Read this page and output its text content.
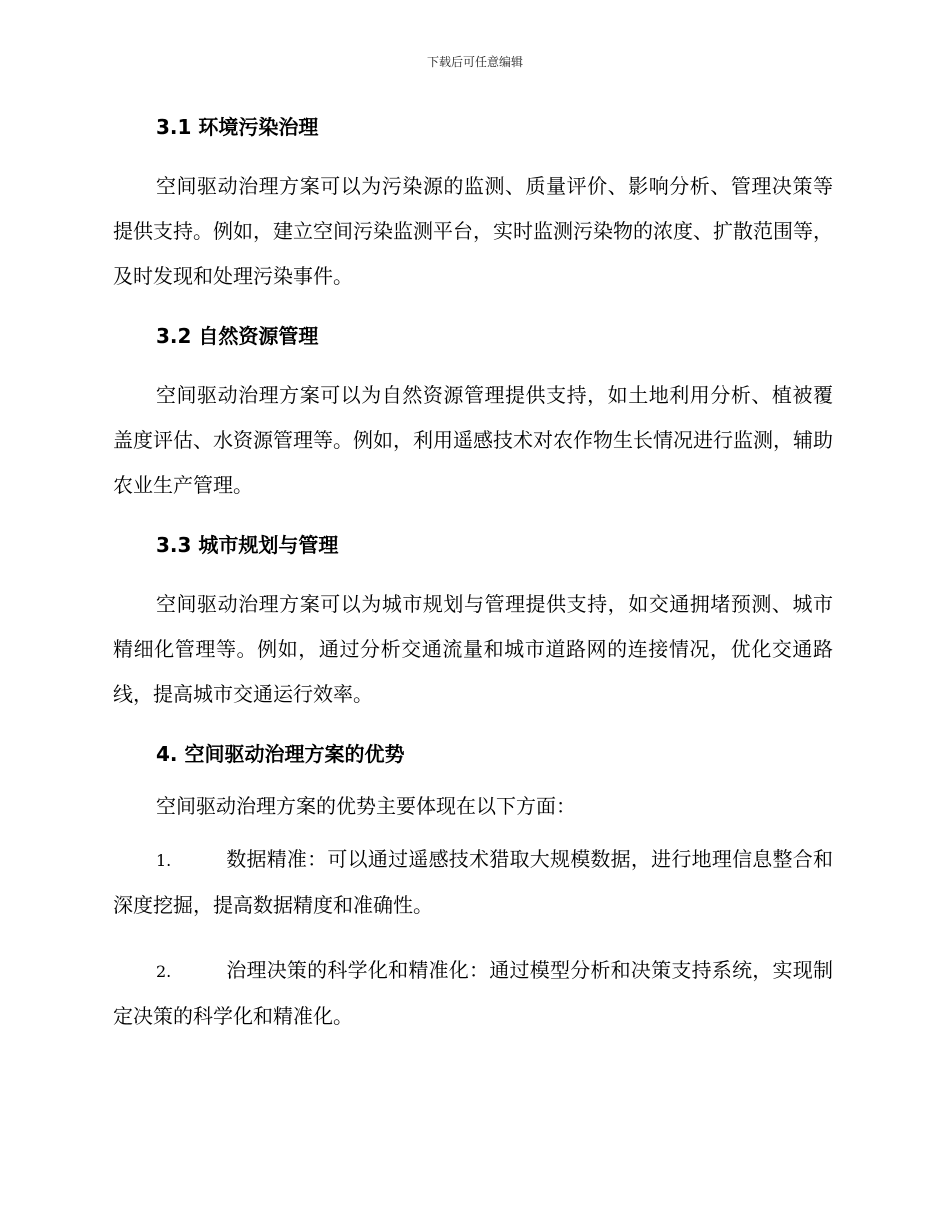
下载后可任意编辑
3.1 环境污染治理

空间驱动治理方案可以为污染源的监测、质量评价、影响分析、管理决策等提供支持。例如，建立空间污染监测平台，实时监测污染物的浓度、扩散范围等，及时发现和处理污染事件。

3.2 自然资源管理

空间驱动治理方案可以为自然资源管理提供支持，如土地利用分析、植被覆盖度评估、水资源管理等。例如，利用遥感技术对农作物生长情况进行监测，辅助农业生产管理。

3.3 城市规划与管理

空间驱动治理方案可以为城市规划与管理提供支持，如交通拥堵预测、城市精细化管理等。例如，通过分析交通流量和城市道路网的连接情况，优化交通路线，提高城市交通运行效率。

4. 空间驱动治理方案的优势

空间驱动治理方案的优势主要体现在以下方面：

1.	数据精准：可以通过遥感技术猎取大规模数据，进行地理信息整合和深度挖掘，提高数据精度和准确性。

2.	治理决策的科学化和精准化：通过模型分析和决策支持系统，实现制定决策的科学化和精准化。
